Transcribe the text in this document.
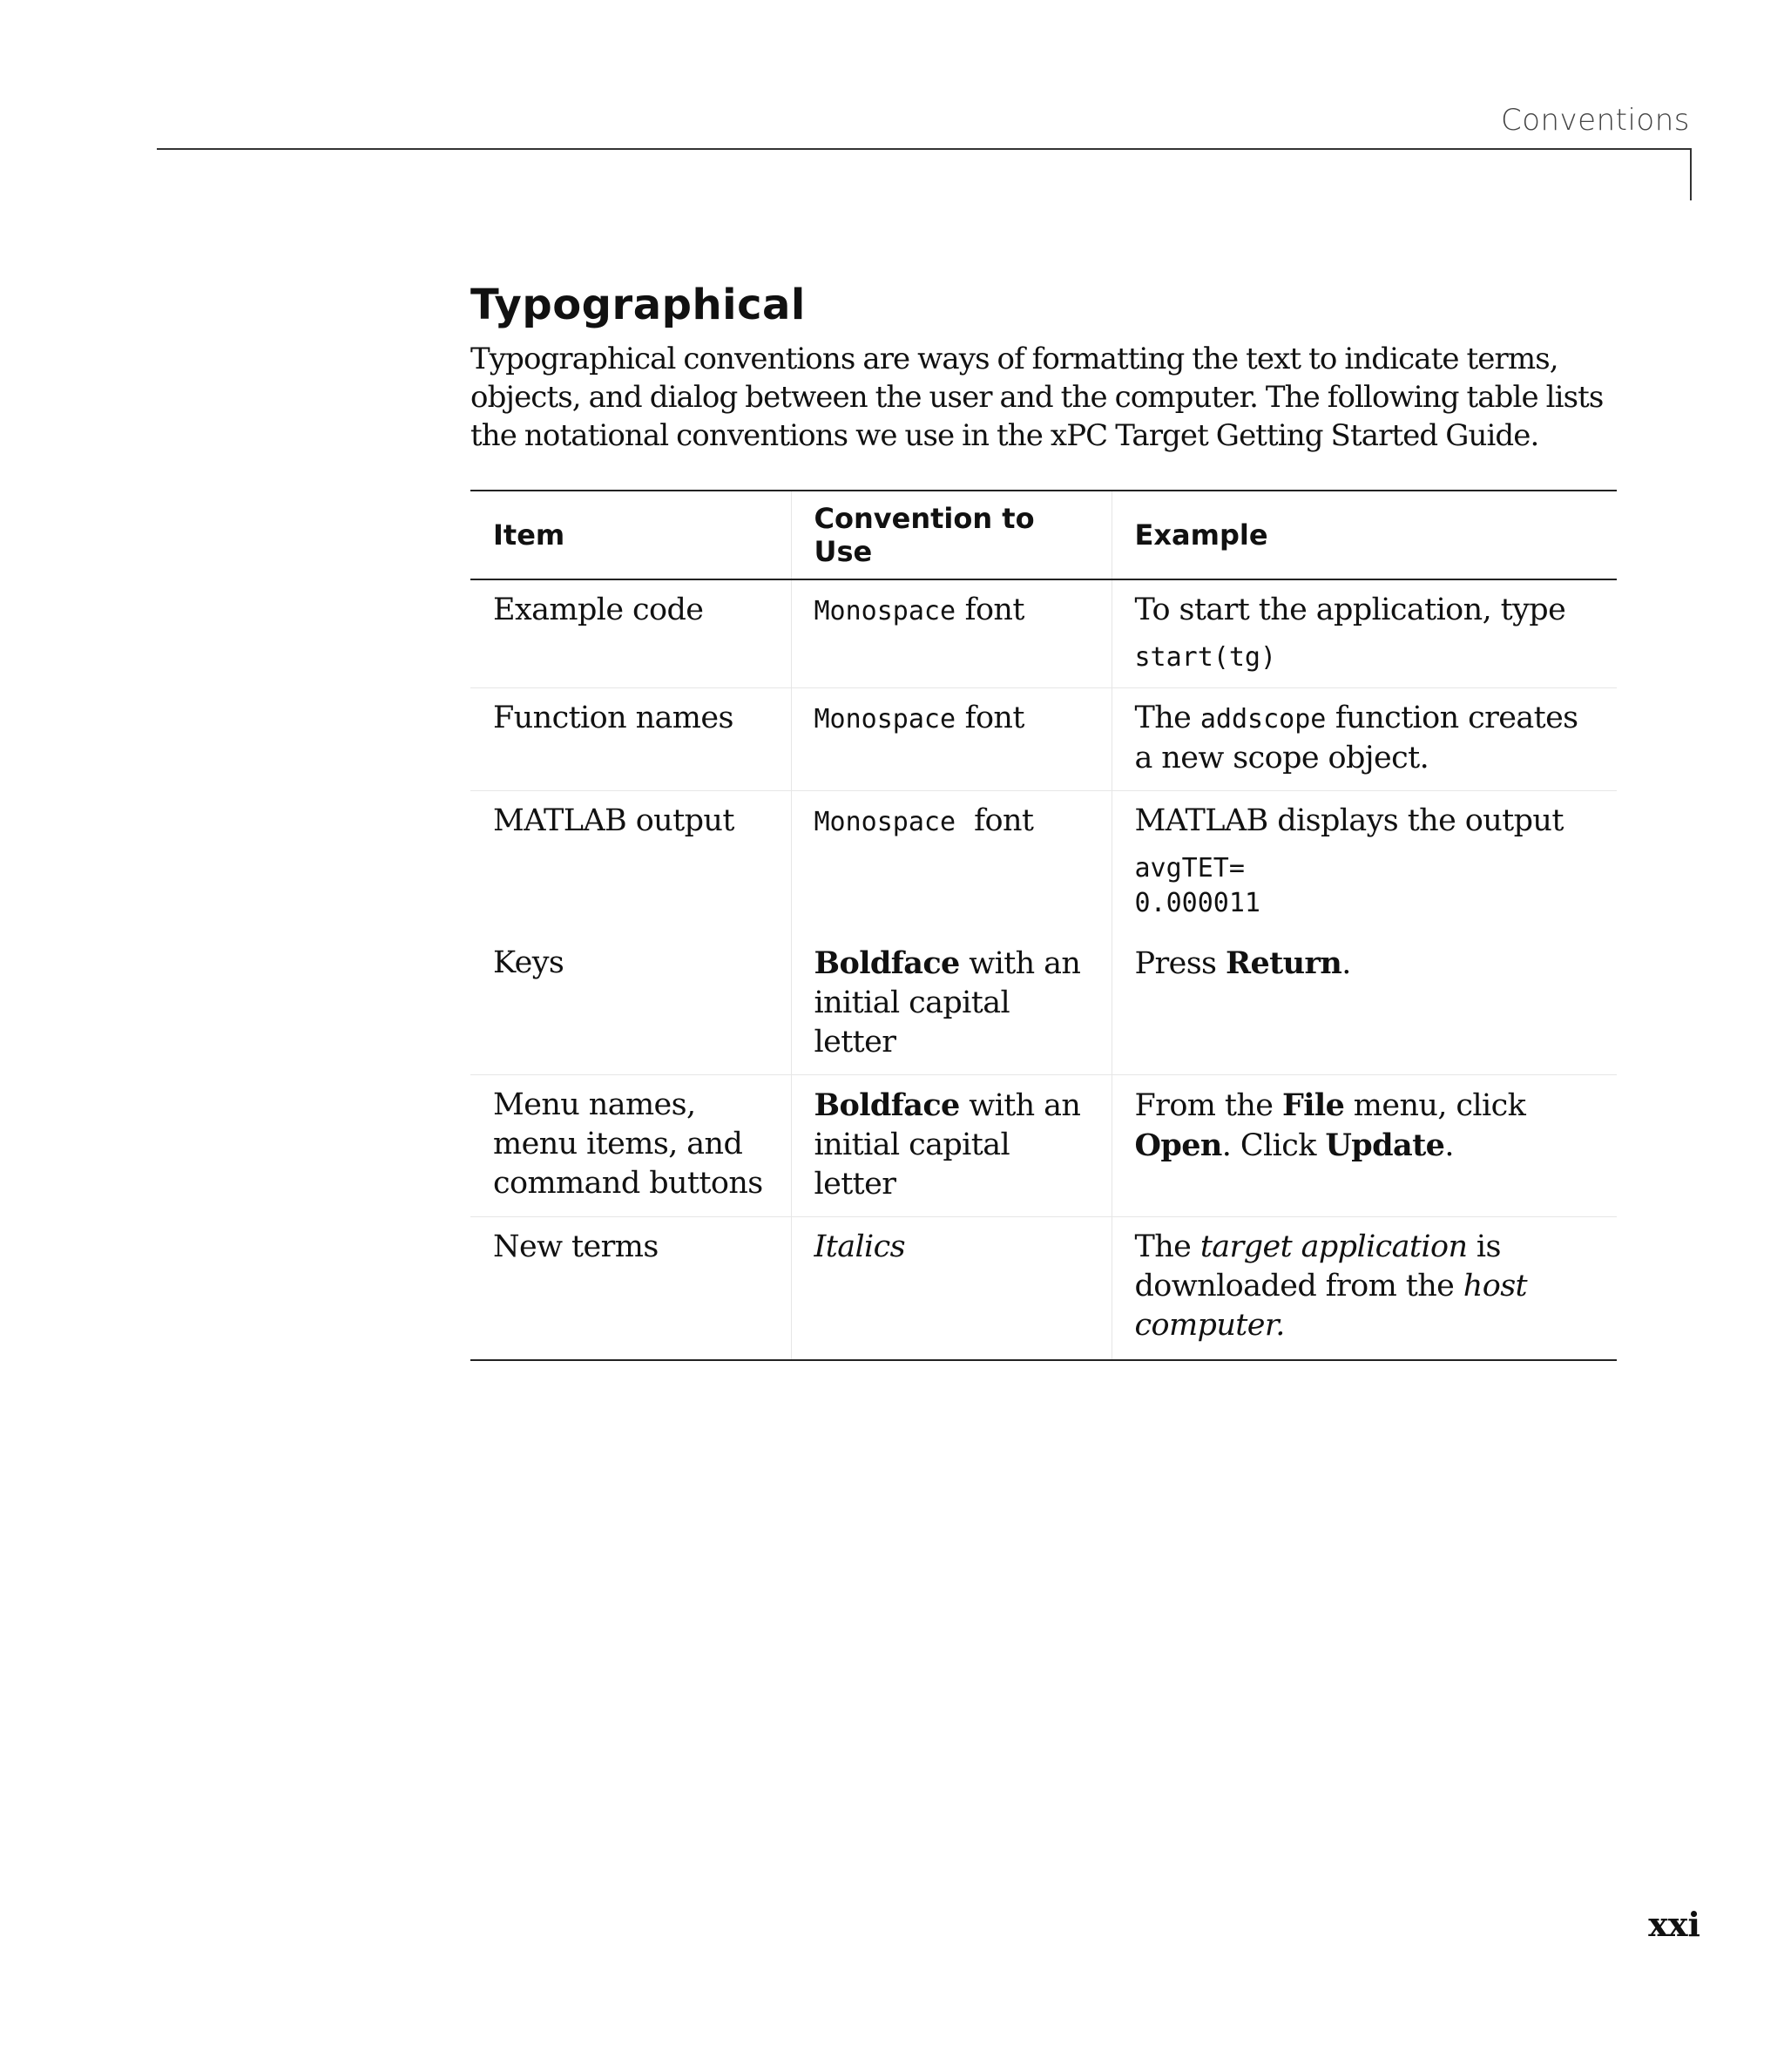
Conventions
Typographical

Typographical conventions are ways of formatting the text to indicate terms, objects, and dialog between the user and the computer. The following table lists the notational conventions we use in the xPC Target Getting Started Guide.

Item	Convention to Use	Example
Example code	Monospace font	To start the application, type
start(tg)

Function names	Monospace font	The addscope function creates a new scope object.
MATLAB output	Monospace  font	MATLAB displays the output
avgTET=
0.000011

Keys	Boldface with an initial capital letter	Press Return.
Menu names, menu items, and command buttons	Boldface with an initial capital letter	From the File menu, click Open. Click Update.
New terms	Italics	The target application is downloaded from the host computer.
xxi
